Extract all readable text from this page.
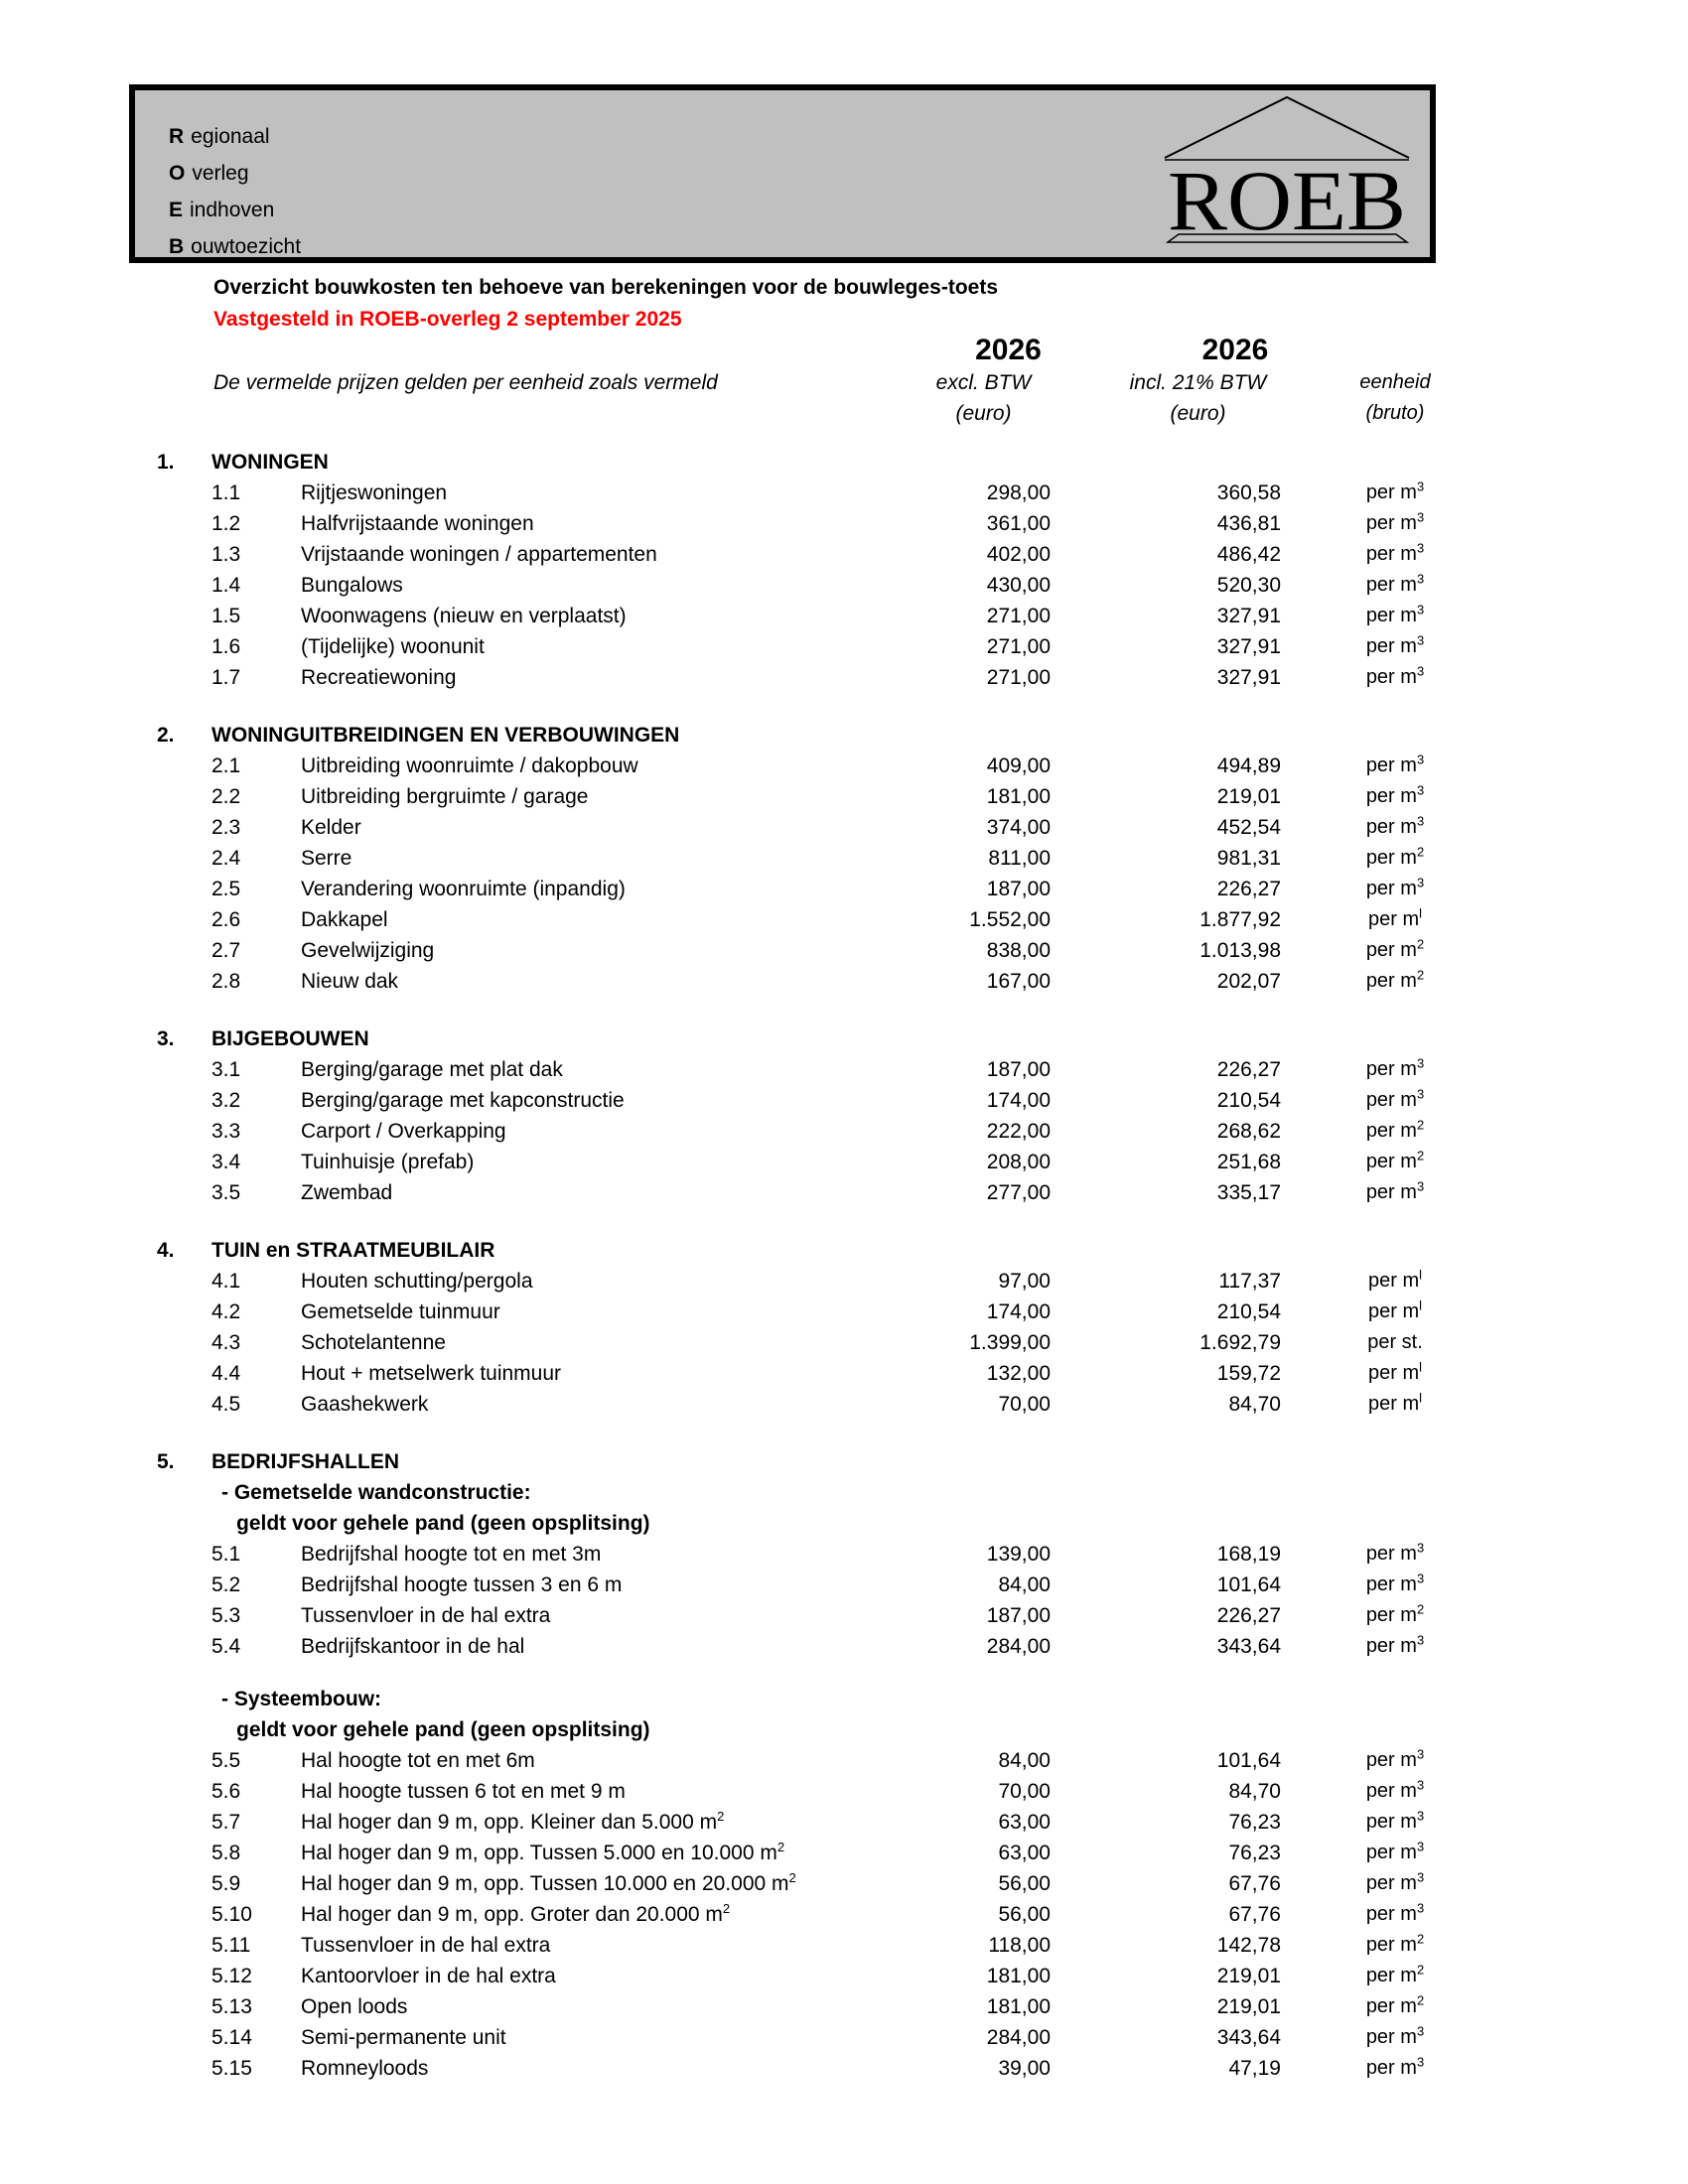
R egionaal
O verleg
E indhoven
B ouwtoezicht	ROEB
Overzicht bouwkosten ten behoeve van berekeningen voor de bouwleges-toets
Vastgesteld in ROEB-overleg 2 september 2025
			2026	2026	
De vermelde prijzen gelden per eenheid zoals vermeld			excl. BTW	incl. 21% BTW	eenheid
			(euro)	(euro)	(bruto)

1.	WONINGEN				
	1.1	Rijtjeswoningen	298,00	360,58	per $m^3$
	1.2	Halfvrijstaande woningen	361,00	436,81	per $m^3$
	1.3	Vrijstaande woningen / appartementen	402,00	486,42	per $m^3$
	1.4	Bungalows	430,00	520,30	per $m^3$
	1.5	Woonwagens (nieuw en verplaatst)	271,00	327,91	per $m^3$
	1.6	(Tijdelijke) woonunit	271,00	327,91	per $m^3$
	1.7	Recreatiewoning	271,00	327,91	per $m^3$

2.	WONINGUITBREIDINGEN EN VERBOUWINGEN				
	2.1	Uitbreiding woonruimte / dakopbouw	409,00	494,89	per $m^3$
	2.2	Uitbreiding bergruimte / garage	181,00	219,01	per $m^3$
	2.3	Kelder	374,00	452,54	per $m^3$
	2.4	Serre	811,00	981,31	per $m^2$
	2.5	Verandering woonruimte (inpandig)	187,00	226,27	per $m^3$
	2.6	Dakkapel	1.552,00	1.877,92	per $m^l$
	2.7	Gevelwijziging	838,00	1.013,98	per $m^2$
	2.8	Nieuw dak	167,00	202,07	per $m^2$

3.	BIJGEBOUWEN				
	3.1	Berging/garage met plat dak	187,00	226,27	per $m^3$
	3.2	Berging/garage met kapconstructie	174,00	210,54	per $m^3$
	3.3	Carport / Overkapping	222,00	268,62	per $m^2$
	3.4	Tuinhuisje (prefab)	208,00	251,68	per $m^2$
	3.5	Zwembad	277,00	335,17	per $m^3$

4.	TUIN en STRAATMEUBILAIR				
	4.1	Houten schutting/pergola	97,00	117,37	per $m^l$
	4.2	Gemetselde tuinmuur	174,00	210,54	per $m^l$
	4.3	Schotelantenne	1.399,00	1.692,79	per st.
	4.4	Hout + metselwerk tuinmuur	132,00	159,72	per $m^l$
	4.5	Gaashekwerk	70,00	84,70	per $m^l$

5.	BEDRIJFSHALLEN				
	- Gemetselde wandconstructie:				
	geldt voor gehele pand (geen opsplitsing)				
	5.1	Bedrijfshal hoogte tot en met 3m	139,00	168,19	per $m^3$
	5.2	Bedrijfshal hoogte tussen 3 en 6 m	84,00	101,64	per $m^3$
	5.3	Tussenvloer in de hal extra	187,00	226,27	per $m^2$
	5.4	Bedrijfskantoor in de hal	284,00	343,64	per $m^3$

	- Systeembouw:				
	geldt voor gehele pand (geen opsplitsing)				
	5.5	Hal hoogte tot en met 6m	84,00	101,64	per $m^3$
	5.6	Hal hoogte tussen 6 tot en met 9 m	70,00	84,70	per $m^3$
	5.7	Hal hoger dan 9 m, opp. Kleiner dan 5.000 $m^2$	63,00	76,23	per $m^3$
	5.8	Hal hoger dan 9 m, opp. Tussen 5.000 en 10.000 $m^2$	63,00	76,23	per $m^3$
	5.9	Hal hoger dan 9 m, opp. Tussen 10.000 en 20.000 $m^2$	56,00	67,76	per $m^3$
	5.10	Hal hoger dan 9 m, opp. Groter dan 20.000 $m^2$	56,00	67,76	per $m^3$
	5.11	Tussenvloer in de hal extra	118,00	142,78	per $m^2$
	5.12	Kantoorvloer in de hal extra	181,00	219,01	per $m^2$
	5.13	Open loods	181,00	219,01	per $m^2$
	5.14	Semi-permanente unit	284,00	343,64	per $m^3$
	5.15	Romneyloods	39,00	47,19	per $m^3$
